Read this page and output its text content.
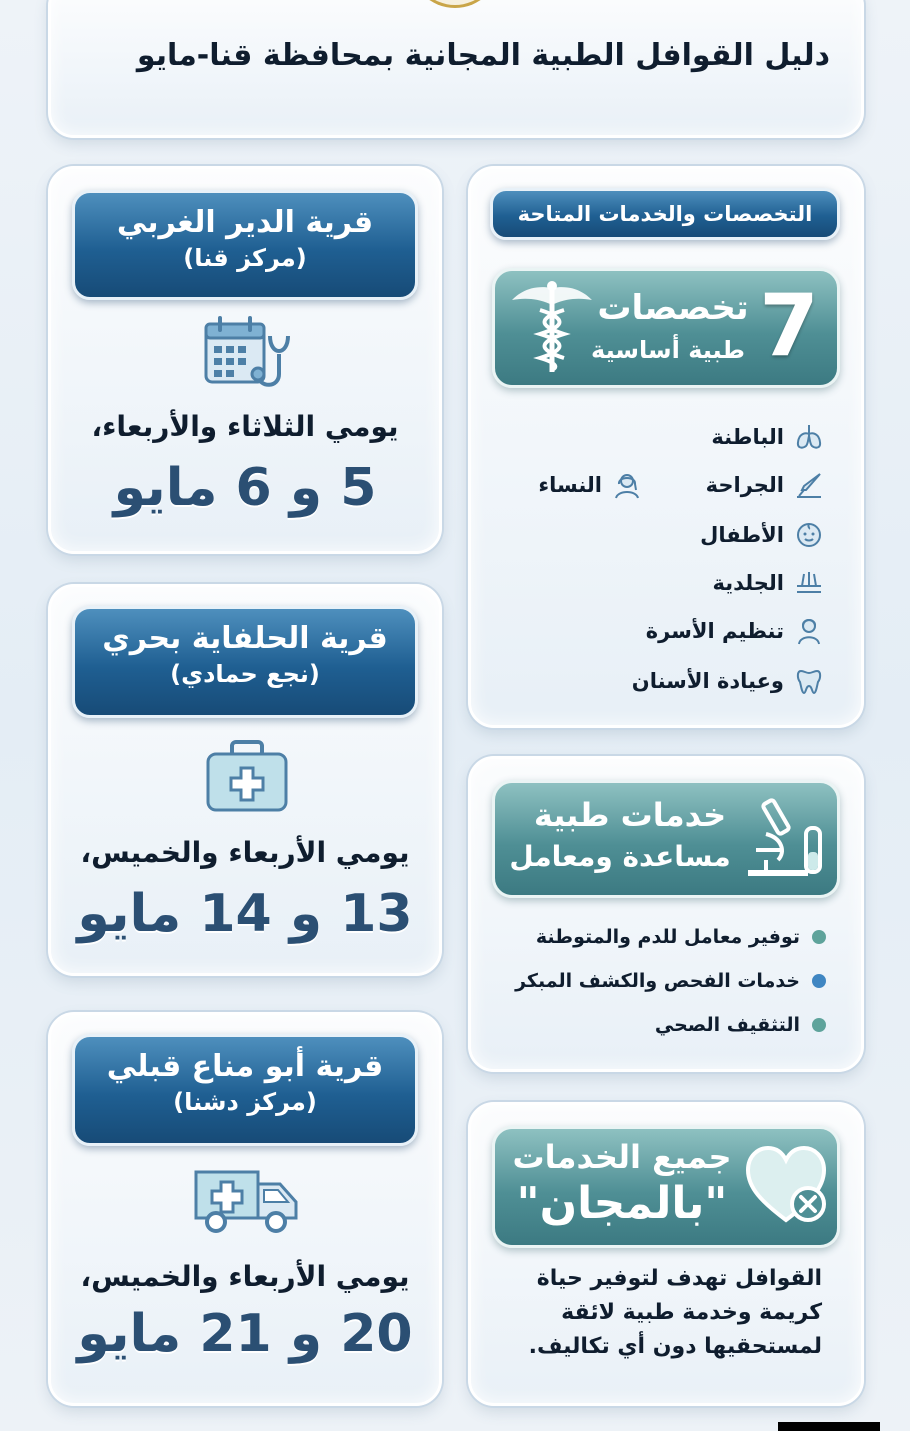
دليل القوافل الطبية المجانية بمحافظة قنا-مايو
قرية الدير الغربي
(مركز قنا)
يومي الثلاثاء والأربعاء،
5 و 6 مايو
قرية الحلفاية بحري
(نجع حمادي)
يومي الأربعاء والخميس،
13 و 14 مايو
قرية أبو مناع قبلي
(مركز دشنا)
يومي الأربعاء والخميس،
20 و 21 مايو
التخصصات والخدمات المتاحة
7
تخصصات
طبية أساسية
الباطنة
النساء	الجراحة
الأطفال
الجلدية
تنظيم الأسرة
وعيادة الأسنان
خدمات طبية
مساعدة ومعامل
توفير معامل للدم والمتوطنة
خدمات الفحص والكشف المبكر
التثقيف الصحي
جميع الخدمات
"بالمجان"
القوافل تهدف لتوفير حياة كريمة وخدمة طبية لائقة لمستحقيها دون أي تكاليف.
